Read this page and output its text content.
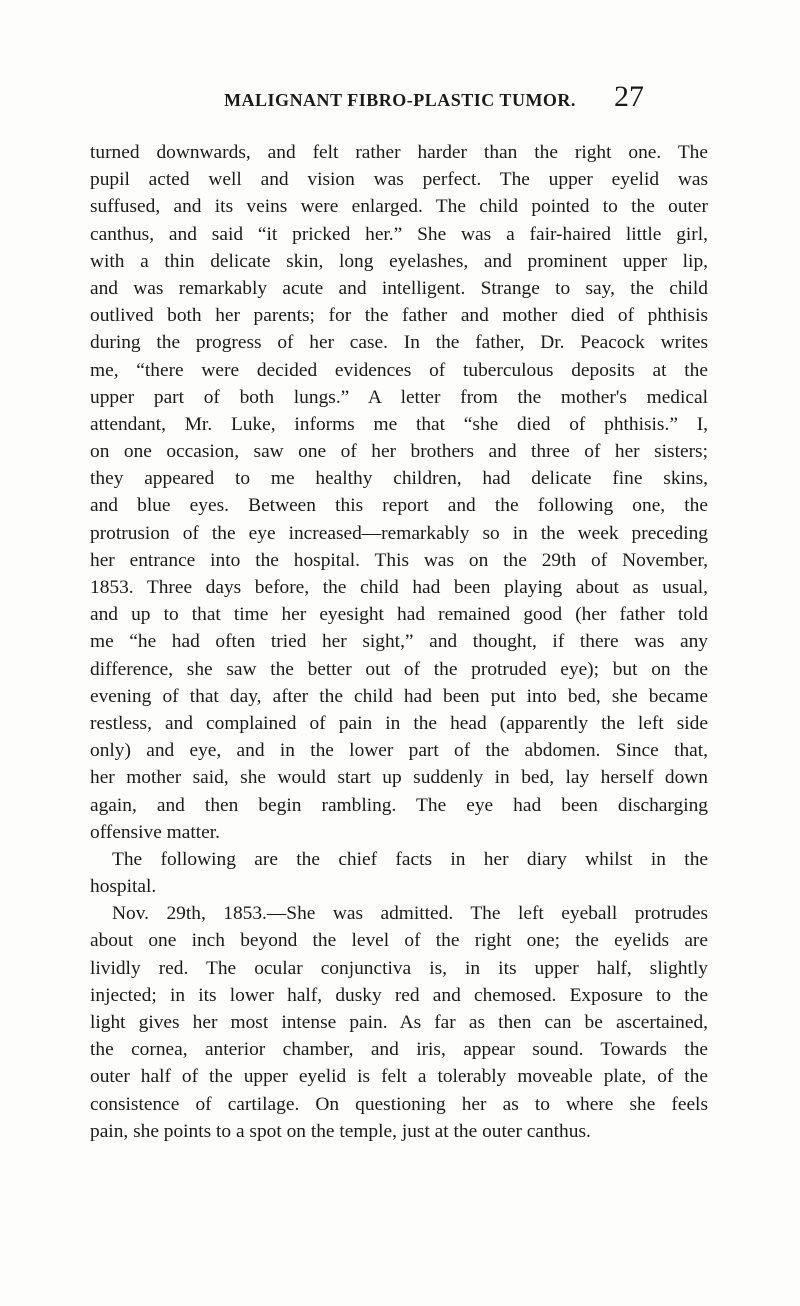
MALIGNANT FIBRO-PLASTIC TUMOR.	27
turned downwards, and felt rather harder than the right one. The
pupil acted well and vision was perfect. The upper eyelid was
suffused, and its veins were enlarged. The child pointed to the outer
canthus, and said “it pricked her.” She was a fair-haired little girl,
with a thin delicate skin, long eyelashes, and prominent upper lip,
and was remarkably acute and intelligent. Strange to say, the child
outlived both her parents; for the father and mother died of phthisis
during the progress of her case. In the father, Dr. Peacock writes
me, “there were decided evidences of tuberculous deposits at the
upper part of both lungs.” A letter from the mother's medical
attendant, Mr. Luke, informs me that “she died of phthisis.” I,
on one occasion, saw one of her brothers and three of her sisters;
they appeared to me healthy children, had delicate fine skins,
and blue eyes. Between this report and the following one, the
protrusion of the eye increased—remarkably so in the week preceding
her entrance into the hospital. This was on the 29th of November,
1853. Three days before, the child had been playing about as usual,
and up to that time her eyesight had remained good (her father told
me “he had often tried her sight,” and thought, if there was any
difference, she saw the better out of the protruded eye); but on the
evening of that day, after the child had been put into bed, she became
restless, and complained of pain in the head (apparently the left side
only) and eye, and in the lower part of the abdomen. Since that,
her mother said, she would start up suddenly in bed, lay herself down
again, and then begin rambling. The eye had been discharging
offensive matter.
The following are the chief facts in her diary whilst in the
hospital.
Nov. 29th, 1853.—She was admitted. The left eyeball protrudes
about one inch beyond the level of the right one; the eyelids are
lividly red. The ocular conjunctiva is, in its upper half, slightly
injected; in its lower half, dusky red and chemosed. Exposure to the
light gives her most intense pain. As far as then can be ascertained,
the cornea, anterior chamber, and iris, appear sound. Towards the
outer half of the upper eyelid is felt a tolerably moveable plate, of the
consistence of cartilage. On questioning her as to where she feels
pain, she points to a spot on the temple, just at the outer canthus.
